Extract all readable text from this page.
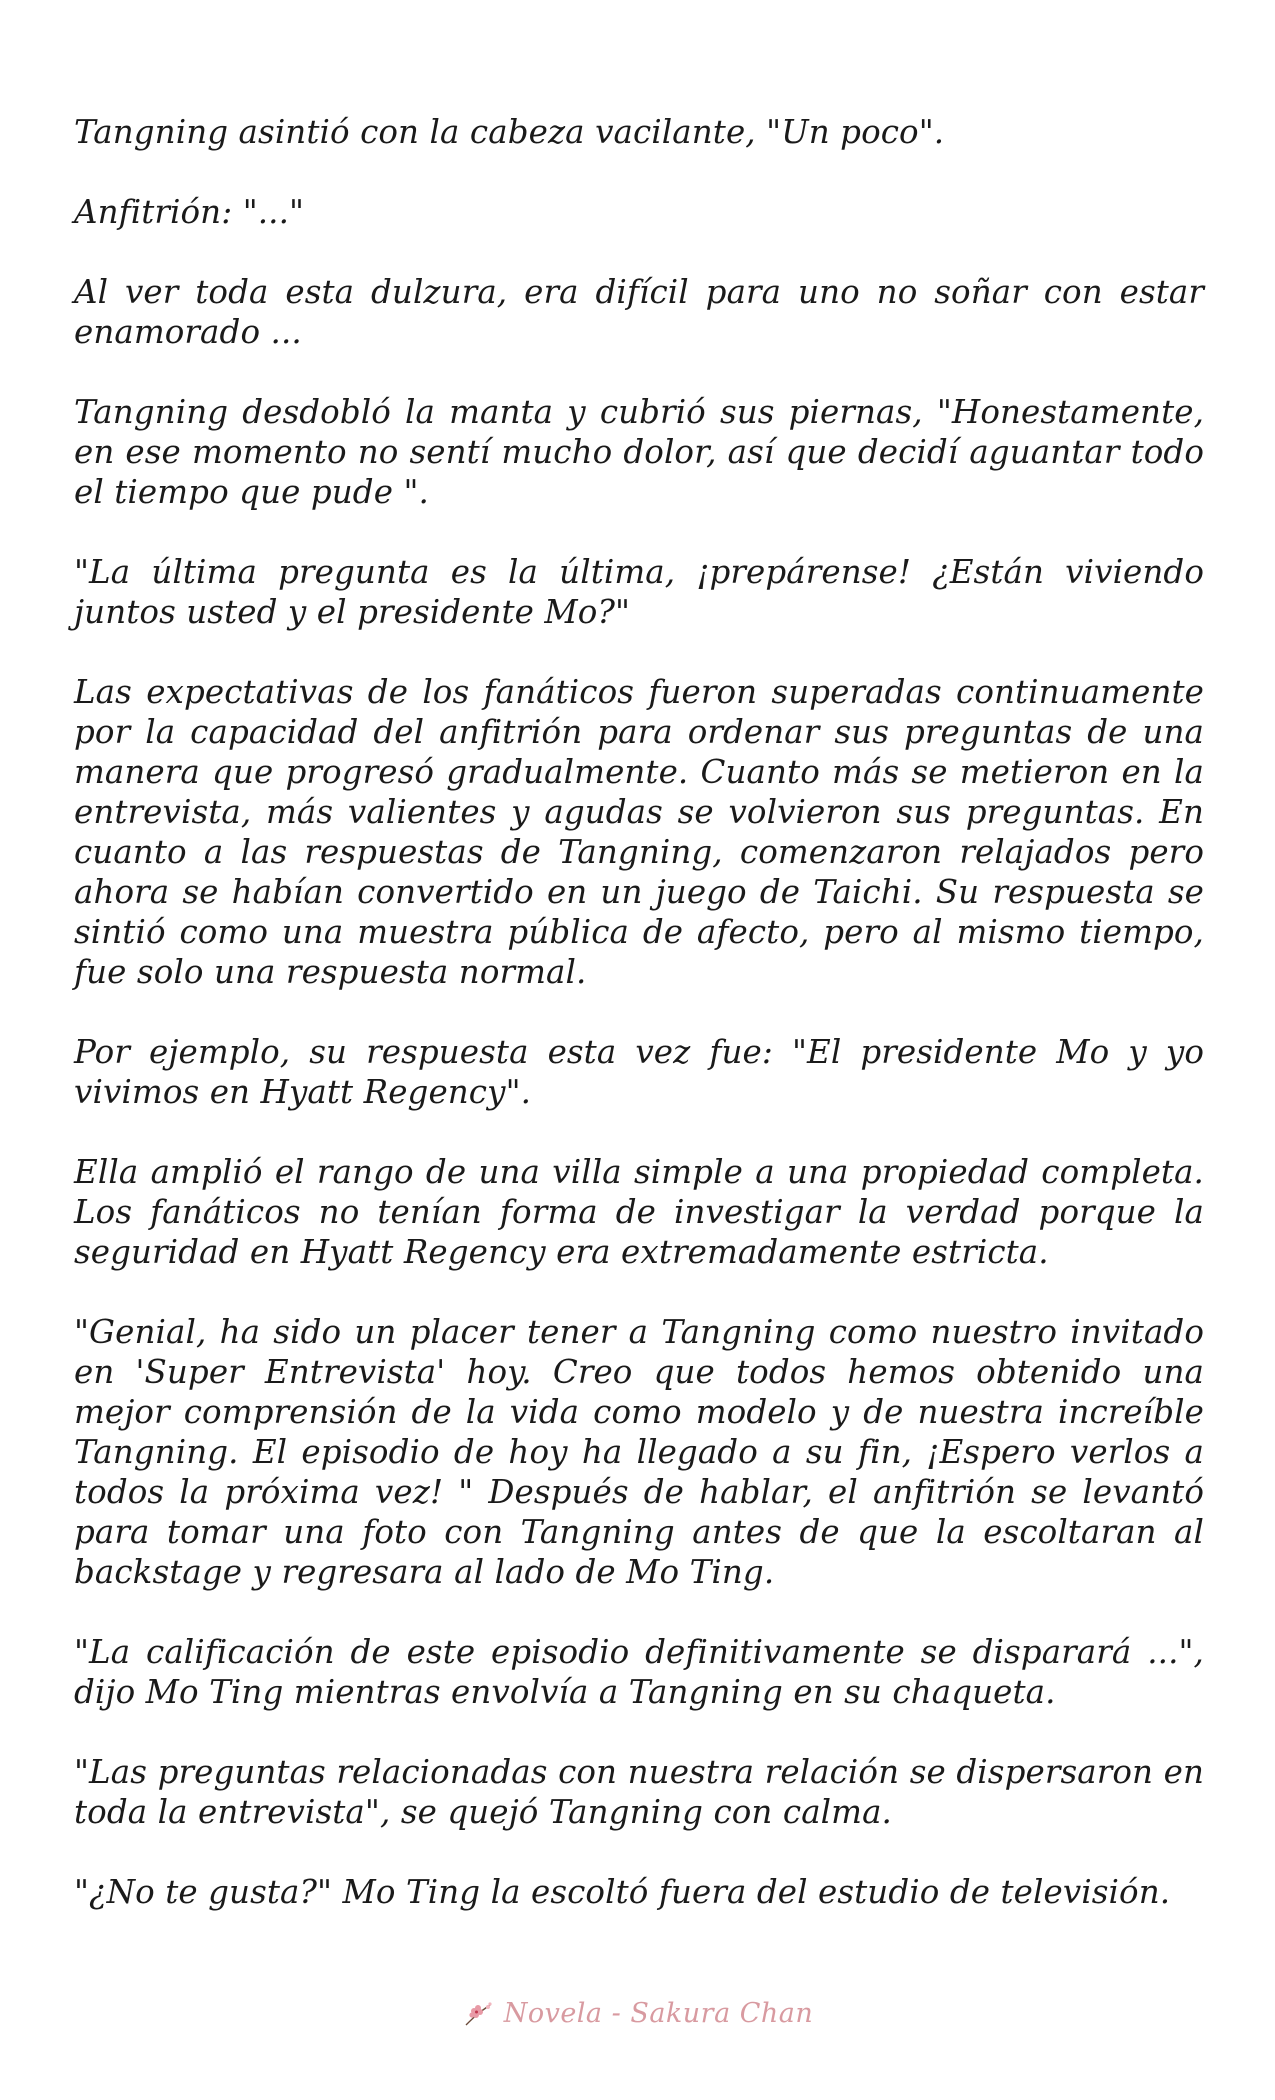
Tangning asintió con la cabeza vacilante, "Un poco".

Anfitrión: "..."

Al ver toda esta dulzura, era difícil para uno no soñar con estar enamorado ...

Tangning desdobló la manta y cubrió sus piernas, "Honestamente, en ese momento no sentí mucho dolor, así que decidí aguantar todo el tiempo que pude ".

"La última pregunta es la última, ¡prepárense! ¿Están viviendo juntos usted y el presidente Mo?"

Las expectativas de los fanáticos fueron superadas continuamente por la capacidad del anfitrión para ordenar sus preguntas de una manera que progresó gradualmente. Cuanto más se metieron en la entrevista, más valientes y agudas se volvieron sus preguntas. En cuanto a las respuestas de Tangning, comenzaron relajados pero ahora se habían convertido en un juego de Taichi. Su respuesta se sintió como una muestra pública de afecto, pero al mismo tiempo, fue solo una respuesta normal.

Por ejemplo, su respuesta esta vez fue: "El presidente Mo y yo vivimos en Hyatt Regency".

Ella amplió el rango de una villa simple a una propiedad completa. Los fanáticos no tenían forma de investigar la verdad porque la seguridad en Hyatt Regency era extremadamente estricta.

"Genial, ha sido un placer tener a Tangning como nuestro invitado en 'Super Entrevista' hoy. Creo que todos hemos obtenido una mejor comprensión de la vida como modelo y de nuestra increíble Tangning. El episodio de hoy ha llegado a su fin, ¡Espero verlos a todos la próxima vez! " Después de hablar, el anfitrión se levantó para tomar una foto con Tangning antes de que la escoltaran al backstage y regresara al lado de Mo Ting.

"La calificación de este episodio definitivamente se disparará ...", dijo Mo Ting mientras envolvía a Tangning en su chaqueta.

"Las preguntas relacionadas con nuestra relación se dispersaron en toda la entrevista", se quejó Tangning con calma.

"¿No te gusta?" Mo Ting la escoltó fuera del estudio de televisión.

Novela - Sakura Chan
